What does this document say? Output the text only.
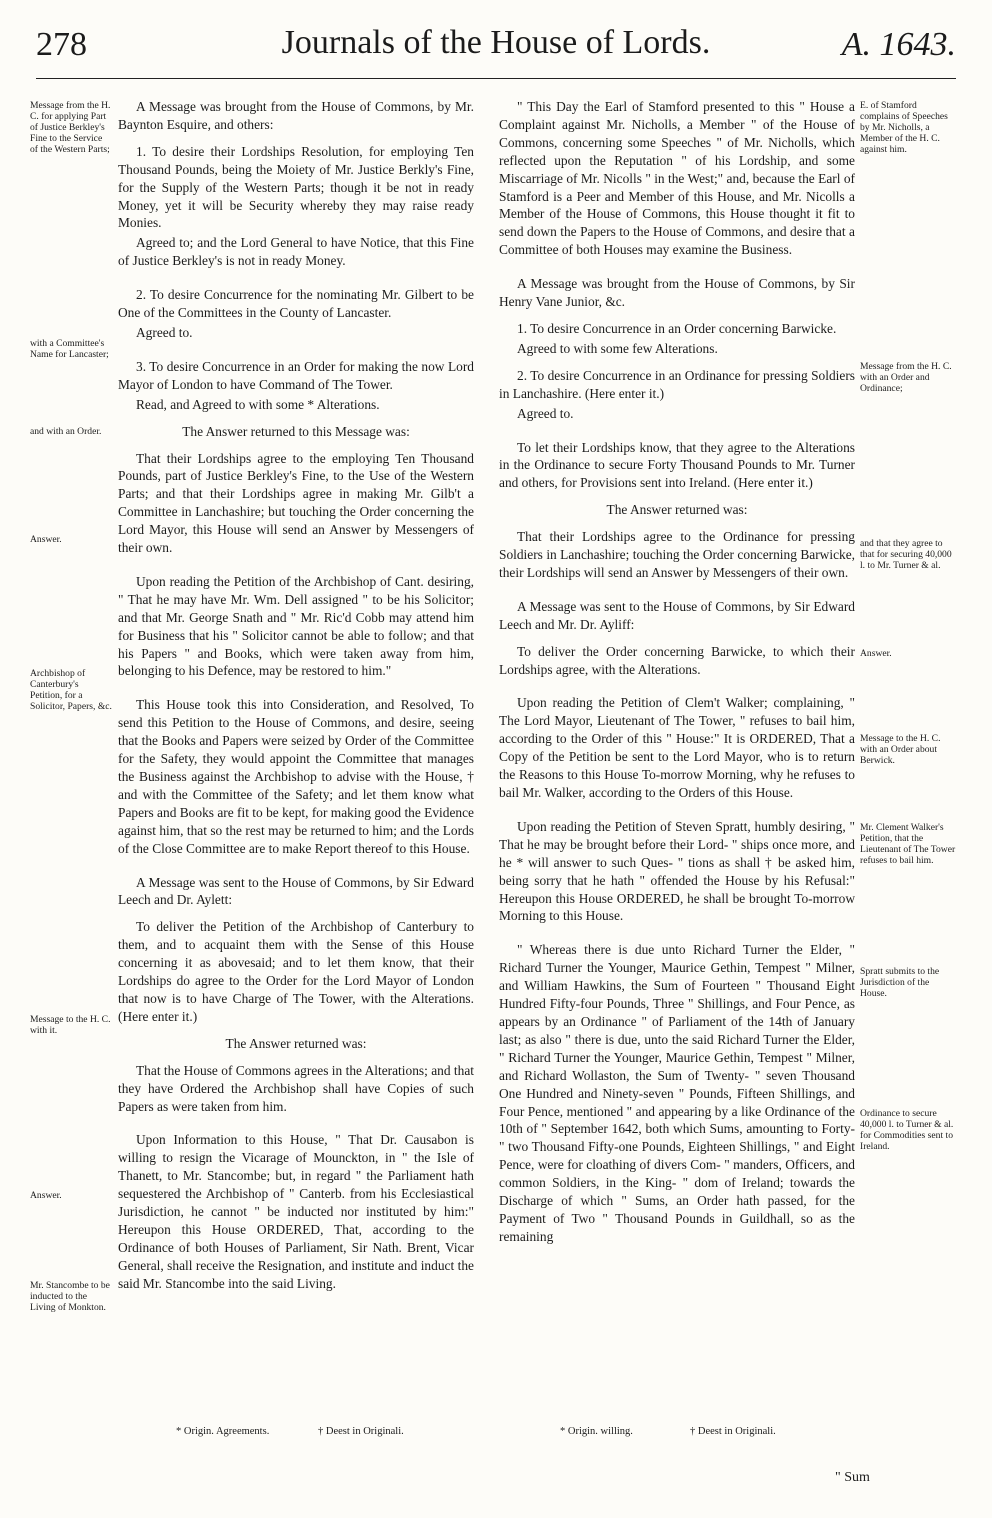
278	Journals of the House of Lords.	A. 1643.

A Message was brought from the House of Commons, by Mr. Baynton Esquire, and others:

1. To desire their Lordships Resolution, for employing Ten Thousand Pounds, being the Moiety of Mr. Justice Berkly's Fine, for the Supply of the Western Parts; though it be not in ready Money, yet it will be Security whereby they may raise ready Monies.

Agreed to; and the Lord General to have Notice, that this Fine of Justice Berkley's is not in ready Money.

2. To desire Concurrence for the nominating Mr. Gilbert to be One of the Committees in the County of Lancaster.

Agreed to.

3. To desire Concurrence in an Order for making the now Lord Mayor of London to have Command of The Tower.

Read, and Agreed to with some * Alterations.

The Answer returned to this Message was:

That their Lordships agree to the employing Ten Thousand Pounds, part of Justice Berkley's Fine, to the Use of the Western Parts; and that their Lordships agree in making Mr. Gilb't a Committee in Lanchashire; but touching the Order concerning the Lord Mayor, this House will send an Answer by Messengers of their own.

Upon reading the Petition of the Archbishop of Cant. desiring, " That he may have Mr. Wm. Dell assigned " to be his Solicitor; and that Mr. George Snath and " Mr. Ric'd Cobb may attend him for Business that his " Solicitor cannot be able to follow; and that his Papers " and Books, which were taken away from him, belonging to his Defence, may be restored to him."

This House took this into Consideration, and Resolved, To send this Petition to the House of Commons, and desire, seeing that the Books and Papers were seized by Order of the Committee for the Safety, they would appoint the Committee that manages the Business against the Archbishop to advise with the House, † and with the Committee of the Safety; and let them know what Papers and Books are fit to be kept, for making good the Evidence against him, that so the rest may be returned to him; and the Lords of the Close Committee are to make Report thereof to this House.

A Message was sent to the House of Commons, by Sir Edward Leech and Dr. Aylett:

To deliver the Petition of the Archbishop of Canterbury to them, and to acquaint them with the Sense of this House concerning it as abovesaid; and to let them know, that their Lordships do agree to the Order for the Lord Mayor of London that now is to have Charge of The Tower, with the Alterations. (Here enter it.)

The Answer returned was:

That the House of Commons agrees in the Alterations; and that they have Ordered the Archbishop shall have Copies of such Papers as were taken from him.

Upon Information to this House, " That Dr. Causabon is willing to resign the Vicarage of Mounckton, in " the Isle of Thanett, to Mr. Stancombe; but, in regard " the Parliament hath sequestered the Archbishop of " Canterb. from his Ecclesiastical Jurisdiction, he cannot " be inducted nor instituted by him:" Hereupon this House ORDERED, That, according to the Ordinance of both Houses of Parliament, Sir Nath. Brent, Vicar General, shall receive the Resignation, and institute and induct the said Mr. Stancombe into the said Living.

" This Day the Earl of Stamford presented to this " House a Complaint against Mr. Nicholls, a Member " of the House of Commons, concerning some Speeches " of Mr. Nicholls, which reflected upon the Reputation " of his Lordship, and some Miscarriage of Mr. Nicolls " in the West;" and, because the Earl of Stamford is a Peer and Member of this House, and Mr. Nicolls a Member of the House of Commons, this House thought it fit to send down the Papers to the House of Commons, and desire that a Committee of both Houses may examine the Business.

A Message was brought from the House of Commons, by Sir Henry Vane Junior, &c.

1. To desire Concurrence in an Order concerning Barwicke.

Agreed to with some few Alterations.

2. To desire Concurrence in an Ordinance for pressing Soldiers in Lanchashire. (Here enter it.)

Agreed to.

To let their Lordships know, that they agree to the Alterations in the Ordinance to secure Forty Thousand Pounds to Mr. Turner and others, for Provisions sent into Ireland. (Here enter it.)

The Answer returned was:

That their Lordships agree to the Ordinance for pressing Soldiers in Lanchashire; touching the Order concerning Barwicke, their Lordships will send an Answer by Messengers of their own.

A Message was sent to the House of Commons, by Sir Edward Leech and Mr. Dr. Ayliff:

To deliver the Order concerning Barwicke, to which their Lordships agree, with the Alterations.

Upon reading the Petition of Clem't Walker; complaining, " The Lord Mayor, Lieutenant of The Tower, " refuses to bail him, according to the Order of this " House:" It is ORDERED, That a Copy of the Petition be sent to the Lord Mayor, who is to return the Reasons to this House To-morrow Morning, why he refuses to bail Mr. Walker, according to the Orders of this House.

Upon reading the Petition of Steven Spratt, humbly desiring, " That he may be brought before their Lord- " ships once more, and he * will answer to such Ques- " tions as shall † be asked him, being sorry that he hath " offended the House by his Refusal:" Hereupon this House ORDERED, he shall be brought To-morrow Morning to this House.

" Whereas there is due unto Richard Turner the Elder, " Richard Turner the Younger, Maurice Gethin, Tempest " Milner, and William Hawkins, the Sum of Fourteen " Thousand Eight Hundred Fifty-four Pounds, Three " Shillings, and Four Pence, as appears by an Ordinance " of Parliament of the 14th of January last; as also " there is due, unto the said Richard Turner the Elder, " Richard Turner the Younger, Maurice Gethin, Tempest " Milner, and Richard Wollaston, the Sum of Twenty- " seven Thousand One Hundred and Ninety-seven " Pounds, Fifteen Shillings, and Four Pence, mentioned " and appearing by a like Ordinance of the 10th of " September 1642, both which Sums, amounting to Forty- " two Thousand Fifty-one Pounds, Eighteen Shillings, " and Eight Pence, were for cloathing of divers Com- " manders, Officers, and common Soldiers, in the King- " dom of Ireland; towards the Discharge of which " Sums, an Order hath passed, for the Payment of Two " Thousand Pounds in Guildhall, so as the remaining

Message from the H. C. for applying Part of Justice Berkley's Fine to the Service of the Western Parts;
with a Committee's Name for Lancaster;
and with an Order.
Answer.
Archbishop of Canterbury's Petition, for a Solicitor, Papers, &c.
Message to the H. C. with it.
Answer.
Mr. Stancombe to be inducted to the Living of Monkton.
E. of Stamford complains of Speeches by Mr. Nicholls, a Member of the H. C. against him.
Message from the H. C. with an Order and Ordinance;
and that they agree to that for securing 40,000 l. to Mr. Turner & al.
Answer.
Message to the H. C. with an Order about Berwick.
Mr. Clement Walker's Petition, that the Lieutenant of The Tower refuses to bail him.
Spratt submits to the Jurisdiction of the House.
Ordinance to secure 40,000 l. to Turner & al. for Commodities sent to Ireland.
* Origin. Agreements.	† Deest in Originali.	* Origin. willing.	† Deest in Originali.
" Sum
